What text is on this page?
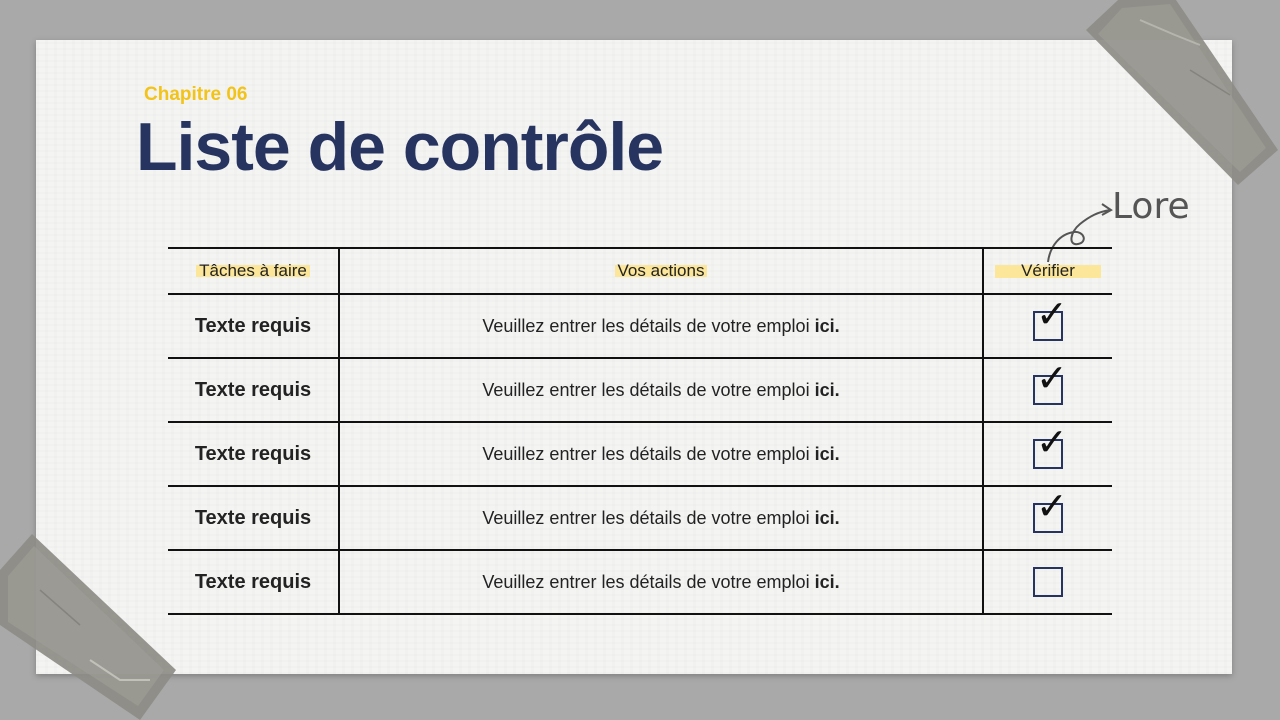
Chapitre 06
Liste de contrôle
Lore
Tâches à faire	Vos actions	Vérifier
Texte requis	Veuillez entrer les détails de votre emploi ici.	✓

Texte requis	Veuillez entrer les détails de votre emploi ici.	✓

Texte requis	Veuillez entrer les détails de votre emploi ici.	✓

Texte requis	Veuillez entrer les détails de votre emploi ici.	✓

Texte requis	Veuillez entrer les détails de votre emploi ici.	
